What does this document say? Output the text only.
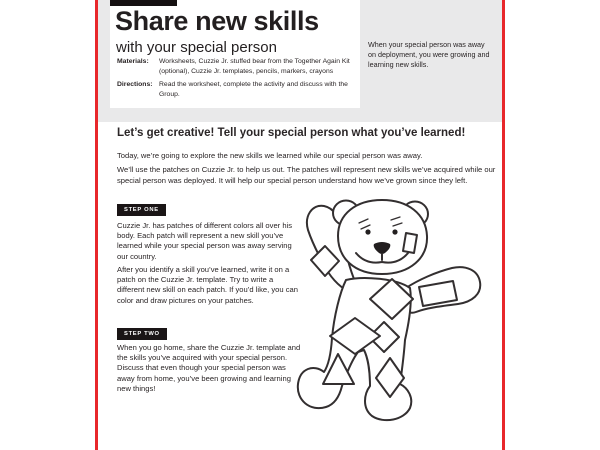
Share new skills
with your special person
Materials:	Worksheets, Cuzzie Jr. stuffed bear from the Together Again Kit (optional), Cuzzie Jr. templates, pencils, markers, crayons
Directions: Read the worksheet, complete the activity and discuss with the Group.
When your special person was away on deployment, you were growing and learning new skills.
Let’s get creative! Tell your special person what you’ve learned!
Today, we’re going to explore the new skills we learned while our special person was away.
We’ll use the patches on Cuzzie Jr. to help us out. The patches will represent new skills we’ve acquired while our special person was deployed. It will help our special person understand how we’ve grown since they left.
STEP ONE
Cuzzie Jr. has patches of different colors all over his body. Each patch will represent a new skill you’ve learned while your special person was away serving our country.
After you identify a skill you’ve learned, write it on a patch on the Cuzzie Jr. template. Try to write a different new skill on each patch. If you’d like, you can color and draw pictures on your patches.
STEP TWO
When you go home, share the Cuzzie Jr. template and the skills you’ve acquired with your special person. Discuss that even though your special person was away from home, you’ve been growing and learning new things!
